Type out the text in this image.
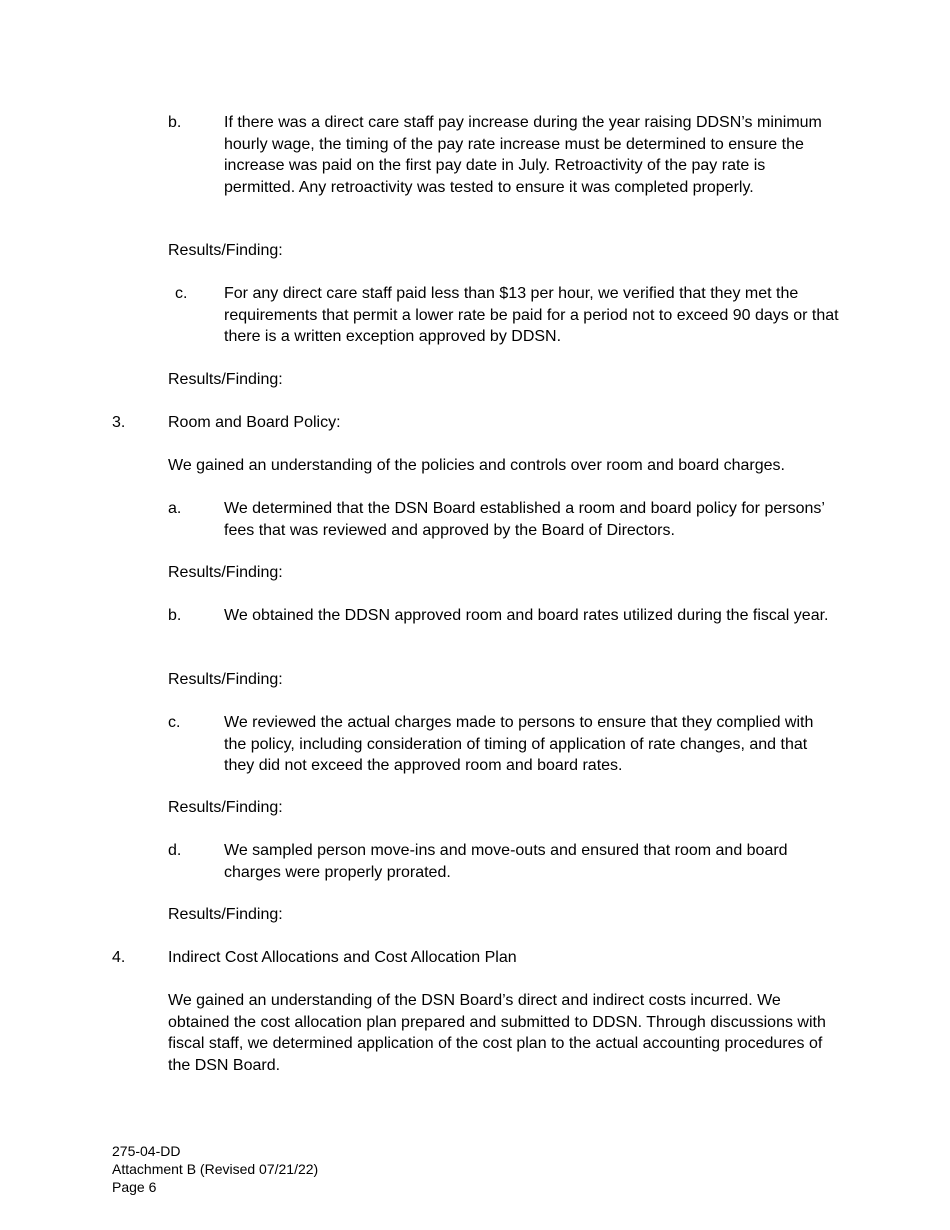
b.	If there was a direct care staff pay increase during the year raising DDSN’s minimum hourly wage, the timing of the pay rate increase must be determined to ensure the increase was paid on the first pay date in July. Retroactivity of the pay rate is permitted. Any retroactivity was tested to ensure it was completed properly.
Results/Finding:
c. For any direct care staff paid less than $13 per hour, we verified that they met the requirements that permit a lower rate be paid for a period not to exceed 90 days or that there is a written exception approved by DDSN.
Results/Finding:
3.	Room and Board Policy:
We gained an understanding of the policies and controls over room and board charges.
a.	We determined that the DSN Board established a room and board policy for persons’ fees that was reviewed and approved by the Board of Directors.
Results/Finding:
b.	We obtained the DDSN approved room and board rates utilized during the fiscal year.
Results/Finding:
c.	We reviewed the actual charges made to persons to ensure that they complied with the policy, including consideration of timing of application of rate changes, and that they did not exceed the approved room and board rates.
Results/Finding:
d.	We sampled person move-ins and move-outs and ensured that room and board charges were properly prorated.
Results/Finding:
4.	Indirect Cost Allocations and Cost Allocation Plan
We gained an understanding of the DSN Board’s direct and indirect costs incurred. We obtained the cost allocation plan prepared and submitted to DDSN. Through discussions with fiscal staff, we determined application of the cost plan to the actual accounting procedures of the DSN Board.
275-04-DD
Attachment B (Revised 07/21/22)
Page 6
